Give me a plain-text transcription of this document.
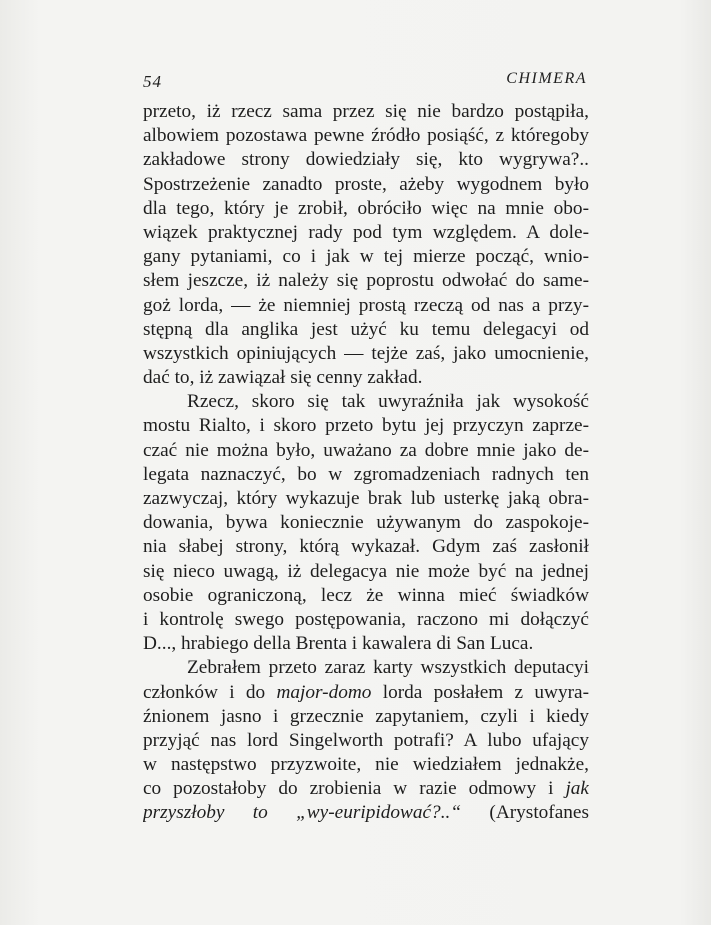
54	CHIMERA
przeto, iż rzecz sama przez się nie bardzo postąpiła,
albowiem pozostawa pewne źródło posiąść, z któregoby
zakładowe strony dowiedziały się, kto wygrywa?..
Spostrzeżenie zanadto proste, ażeby wygodnem było
dla tego, który je zrobił, obróciło więc na mnie obo-
wiązek praktycznej rady pod tym względem. A dole-
gany pytaniami, co i jak w tej mierze począć, wnio-
słem jeszcze, iż należy się poprostu odwołać do same-
goż lorda, — że niemniej prostą rzeczą od nas a przy-
stępną dla anglika jest użyć ku temu delegacyi od
wszystkich opiniujących — tejże zaś, jako umocnienie,
dać to, iż zawiązał się cenny zakład.
Rzecz, skoro się tak uwyraźniła jak wysokość
mostu Rialto, i skoro przeto bytu jej przyczyn zaprze-
czać nie można było, uważano za dobre mnie jako de-
legata naznaczyć, bo w zgromadzeniach radnych ten
zazwyczaj, który wykazuje brak lub usterkę jaką obra-
dowania, bywa koniecznie używanym do zaspokoje-
nia słabej strony, którą wykazał. Gdym zaś zasłonił
się nieco uwagą, iż delegacya nie może być na jednej
osobie ograniczoną, lecz że winna mieć świadków
i kontrolę swego postępowania, raczono mi dołączyć
D..., hrabiego della Brenta i kawalera di San Luca.
Zebrałem przeto zaraz karty wszystkich deputacyi
członków i do major-domo lorda posłałem z uwyra-
źnionem jasno i grzecznie zapytaniem, czyli i kiedy
przyjąć nas lord Singelworth potrafi? A lubo ufający
w następstwo przyzwoite, nie wiedziałem jednakże,
co pozostałoby do zrobienia w razie odmowy i jak
przyszłoby to „wy-euripidować?..“ (Arystofanes
